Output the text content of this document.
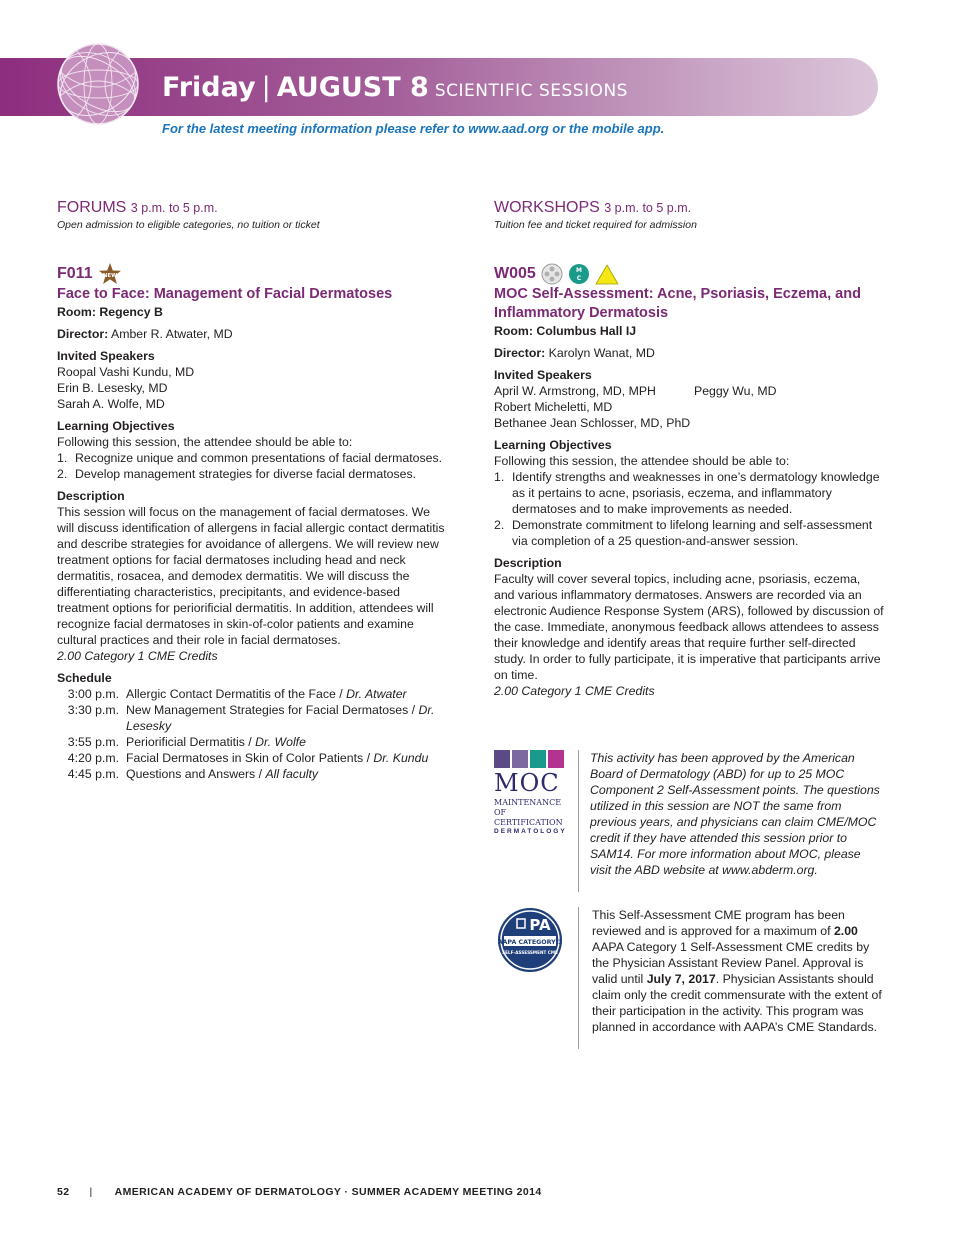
Friday | AUGUST 8 SCIENTIFIC SESSIONS
For the latest meeting information please refer to www.aad.org or the mobile app.
FORUMS 3 p.m. to 5 p.m.
Open admission to eligible categories, no tuition or ticket
F011 NEW
Face to Face: Management of Facial Dermatoses
Room: Regency B
Director: Amber R. Atwater, MD
Invited Speakers
Roopal Vashi Kundu, MD
Erin B. Lesesky, MD
Sarah A. Wolfe, MD
Learning Objectives
Following this session, the attendee should be able to:
1. Recognize unique and common presentations of facial dermatoses.
2. Develop management strategies for diverse facial dermatoses.
Description
This session will focus on the management of facial dermatoses. We will discuss identification of allergens in facial allergic contact dermatitis and describe strategies for avoidance of allergens. We will review new treatment options for facial dermatoses including head and neck dermatitis, rosacea, and demodex dermatitis. We will discuss the differentiating characteristics, precipitants, and evidence-based treatment options for periorificial dermatitis. In addition, attendees will recognize facial dermatoses in skin-of-color patients and examine cultural practices and their role in facial dermatoses.
2.00 Category 1 CME Credits
Schedule
3:00 p.m. Allergic Contact Dermatitis of the Face / Dr. Atwater
3:30 p.m. New Management Strategies for Facial Dermatoses / Dr. Lesesky
3:55 p.m. Periorificial Dermatitis / Dr. Wolfe
4:20 p.m. Facial Dermatoses in Skin of Color Patients / Dr. Kundu
4:45 p.m. Questions and Answers / All faculty
WORKSHOPS 3 p.m. to 5 p.m.
Tuition fee and ticket required for admission
W005	M
C
MOC Self-Assessment: Acne, Psoriasis, Eczema, and Inflammatory Dermatosis
Room: Columbus Hall IJ
Director: Karolyn Wanat, MD
Invited Speakers
April W. Armstrong, MD, MPH	Peggy Wu, MD
Robert Micheletti, MD
Bethanee Jean Schlosser, MD, PhD
Learning Objectives
Following this session, the attendee should be able to:
1. Identify strengths and weaknesses in one’s dermatology knowledge as it pertains to acne, psoriasis, eczema, and inflammatory dermatoses and to make improvements as needed.
2. Demonstrate commitment to lifelong learning and self-assessment via completion of a 25 question-and-answer session.
Description
Faculty will cover several topics, including acne, psoriasis, eczema, and various inflammatory dermatoses. Answers are recorded via an electronic Audience Response System (ARS), followed by discussion of the case. Immediate, anonymous feedback allows attendees to assess their knowledge and identify areas that require further self-directed study. In order to fully participate, it is imperative that participants arrive on time.
2.00 Category 1 CME Credits
MOC
MAINTENANCE
OF CERTIFICATION
DERMATOLOGY
This activity has been approved by the American Board of Dermatology (ABD) for up to 25 MOC Component 2 Self-Assessment points. The questions utilized in this session are NOT the same from previous years, and physicians can claim CME/MOC credit if they have attended this session prior to SAM14. For more information about MOC, please visit the ABD website at www.abderm.org.
PA
AAPA CATEGORY 1
SELF-ASSESSMENT CME
This Self-Assessment CME program has been reviewed and is approved for a maximum of 2.00 AAPA Category 1 Self-Assessment CME credits by the Physician Assistant Review Panel. Approval is valid until July 7, 2017. Physician Assistants should claim only the credit commensurate with the extent of their participation in the activity. This program was planned in accordance with AAPA’s CME Standards.
52 | AMERICAN ACADEMY OF DERMATOLOGY · SUMMER ACADEMY MEETING 2014
